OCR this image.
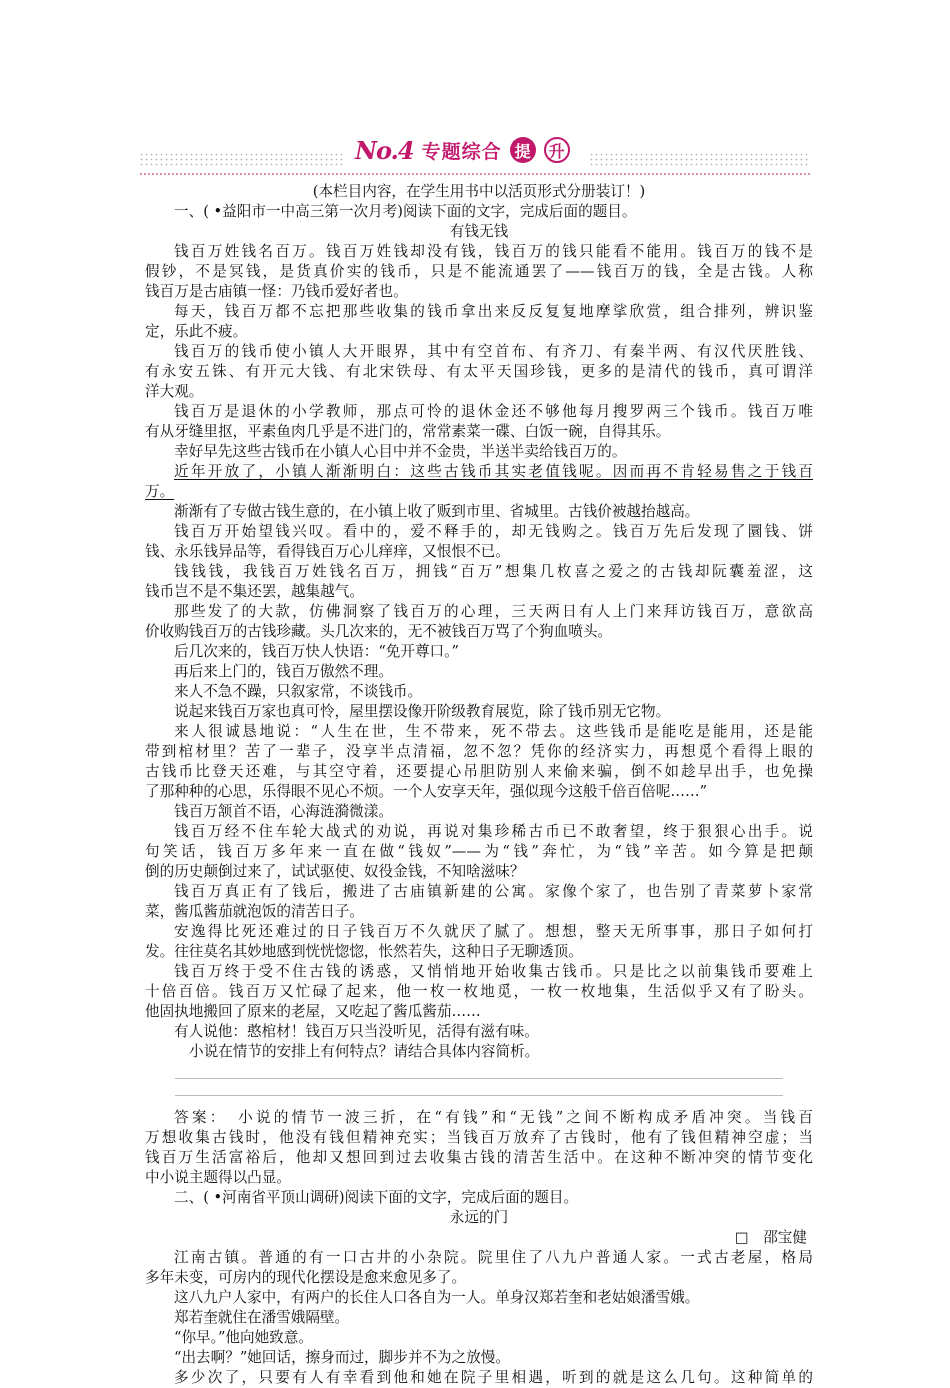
No.4 专题综合 提	升
(本栏目内容，在学生用书中以活页形式分册装订！)
一、( •益阳市一中高三第一次月考)阅读下面的文字，完成后面的题目。
有钱无钱
钱百万姓钱名百万。钱百万姓钱却没有钱，钱百万的钱只能看不能用。钱百万的钱不是
假钞，不是冥钱，是货真价实的钱币，只是不能流通罢了——钱百万的钱，全是古钱。人称
钱百万是古庙镇一怪：乃钱币爱好者也。
每天，钱百万都不忘把那些收集的钱币拿出来反反复复地摩挲欣赏，组合排列，辨识鉴
定，乐此不疲。
钱百万的钱币使小镇人大开眼界，其中有空首布、有齐刀、有秦半两、有汉代厌胜钱、
有永安五铢、有开元大钱、有北宋铁母、有太平天国珍钱，更多的是清代的钱币，真可谓洋
洋大观。
钱百万是退休的小学教师，那点可怜的退休金还不够他每月搜罗两三个钱币。钱百万唯
有从牙缝里抠，平素鱼肉几乎是不进门的，常常素菜一碟、白饭一碗，自得其乐。
幸好早先这些古钱币在小镇人心目中并不金贵，半送半卖给钱百万的。
近年开放了，小镇人渐渐明白：这些古钱币其实老值钱呢。因而再不肯轻易售之于钱百
万。
渐渐有了专做古钱生意的，在小镇上收了贩到市里、省城里。古钱价被越抬越高。
钱百万开始望钱兴叹。看中的，爱不释手的，却无钱购之。钱百万先后发现了圜钱、饼
钱、永乐钱异品等，看得钱百万心儿痒痒，又恨恨不已。
钱钱钱，我钱百万姓钱名百万，拥钱“百万”想集几枚喜之爱之的古钱却阮囊羞涩，这
钱币岂不是不集还罢，越集越气。
那些发了的大款，仿佛洞察了钱百万的心理，三天两日有人上门来拜访钱百万，意欲高
价收购钱百万的古钱珍藏。头几次来的，无不被钱百万骂了个狗血喷头。
后几次来的，钱百万快人快语：“免开尊口。”
再后来上门的，钱百万傲然不理。
来人不急不躁，只叙家常，不谈钱币。
说起来钱百万家也真可怜，屋里摆设像开阶级教育展览，除了钱币别无它物。
来人很诚恳地说：“人生在世，生不带来，死不带去。这些钱币是能吃是能用，还是能
带到棺材里？苦了一辈子，没享半点清福，忽不忽？凭你的经济实力，再想觅个看得上眼的
古钱币比登天还难，与其空守着，还要提心吊胆防别人来偷来骗，倒不如趁早出手，也免操
了那种种的心思，乐得眼不见心不烦。一个人安享天年，强似现今这般千倍百倍呢……”
钱百万颔首不语，心海涟漪微漾。
钱百万经不住车轮大战式的劝说，再说对集珍稀古币已不敢奢望，终于狠狠心出手。说
句笑话，钱百万多年来一直在做“钱奴”——为“钱”奔忙，为“钱”辛苦。如今算是把颠
倒的历史颠倒过来了，试试驱使、奴役金钱，不知啥滋味？
钱百万真正有了钱后，搬进了古庙镇新建的公寓。家像个家了，也告别了青菜萝卜家常
菜，酱瓜酱茄就泡饭的清苦日子。
安逸得比死还难过的日子钱百万不久就厌了腻了。想想，整天无所事事，那日子如何打
发。往往莫名其妙地感到恍恍惚惚，怅然若失，这种日子无聊透顶。
钱百万终于受不住古钱的诱惑，又悄悄地开始收集古钱币。只是比之以前集钱币要难上
十倍百倍。钱百万又忙碌了起来，他一枚一枚地觅，一枚一枚地集，生活似乎又有了盼头。
他固执地搬回了原来的老屋，又吃起了酱瓜酱茄……
有人说他：憨棺材！钱百万只当没听见，活得有滋有味。
小说在情节的安排上有何特点？请结合具体内容简析。
答案：　小说的情节一波三折，在“有钱”和“无钱”之间不断构成矛盾冲突。当钱百
万想收集古钱时，他没有钱但精神充实；当钱百万放弃了古钱时，他有了钱但精神空虚；当
钱百万生活富裕后，他却又想回到过去收集古钱的清苦生活中。在这种不断冲突的情节变化
中小说主题得以凸显。
二、( •河南省平顶山调研)阅读下面的文字，完成后面的题目。
永远的门
□　邵宝健
江南古镇。普通的有一口古井的小杂院。院里住了八九户普通人家。一式古老屋，格局
多年未变，可房内的现代化摆设是愈来愈见多了。
这八九户人家中，有两户的长住人口各自为一人。单身汉郑若奎和老姑娘潘雪娥。
郑若奎就住在潘雪娥隔壁。
“你早。”他向她致意。
“出去啊？”她回话，擦身而过，脚步并不为之放慢。
多少次了，只要有人有幸看到他和她在院子里相遇，听到的就是这么几句。这种简单的
